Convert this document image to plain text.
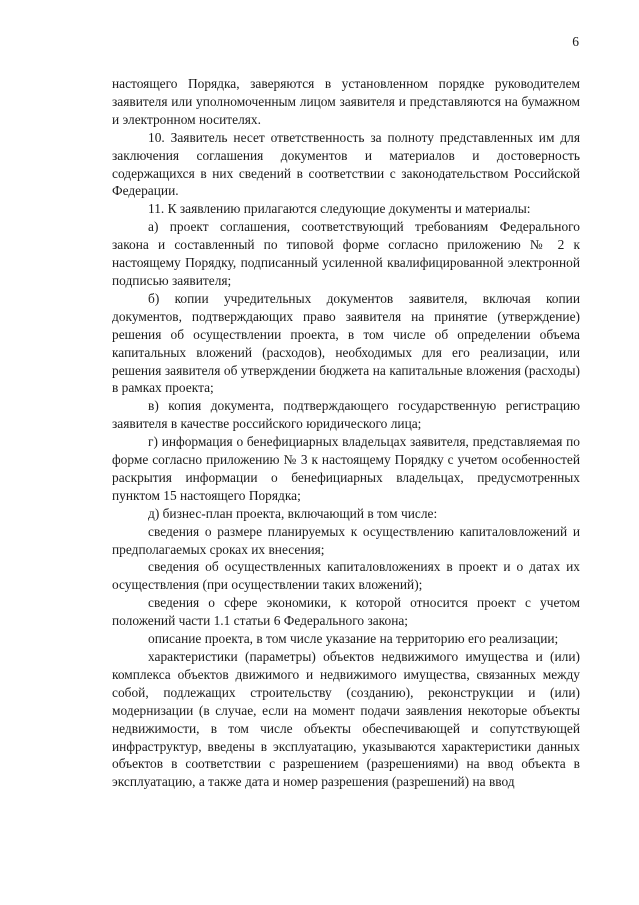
6

настоящего Порядка, заверяются в установленном порядке руководителем заявителя или уполномоченным лицом заявителя и представляются на бумажном и электронном носителях.

10. Заявитель несет ответственность за полноту представленных им для заключения соглашения документов и материалов и достоверность содержащихся в них сведений в соответствии с законодательством Российской Федерации.

11. К заявлению прилагаются следующие документы и материалы:

а) проект соглашения, соответствующий требованиям Федерального закона и составленный по типовой форме согласно приложению № 2 к настоящему Порядку, подписанный усиленной квалифицированной электронной подписью заявителя;

б) копии учредительных документов заявителя, включая копии документов, подтверждающих право заявителя на принятие (утверждение) решения об осуществлении проекта, в том числе об определении объема капитальных вложений (расходов), необходимых для его реализации, или решения заявителя об утверждении бюджета на капитальные вложения (расходы) в рамках проекта;

в) копия документа, подтверждающего государственную регистрацию заявителя в качестве российского юридического лица;

г) информация о бенефициарных владельцах заявителя, представляемая по форме согласно приложению № 3 к настоящему Порядку с учетом особенностей раскрытия информации о бенефициарных владельцах, предусмотренных пунктом 15 настоящего Порядка;

д) бизнес-план проекта, включающий в том числе:

сведения о размере планируемых к осуществлению капиталовложений и предполагаемых сроках их внесения;

сведения об осуществленных капиталовложениях в проект и о датах их осуществления (при осуществлении таких вложений);

сведения о сфере экономики, к которой относится проект с учетом положений части 1.1 статьи 6 Федерального закона;

описание проекта, в том числе указание на территорию его реализации;

характеристики (параметры) объектов недвижимого имущества и (или) комплекса объектов движимого и недвижимого имущества, связанных между собой, подлежащих строительству (созданию), реконструкции и (или) модернизации (в случае, если на момент подачи заявления некоторые объекты недвижимости, в том числе объекты обеспечивающей и сопутствующей инфраструктур, введены в эксплуатацию, указываются характеристики данных объектов в соответствии с разрешением (разрешениями) на ввод объекта в эксплуатацию, а также дата и номер разрешения (разрешений) на ввод
